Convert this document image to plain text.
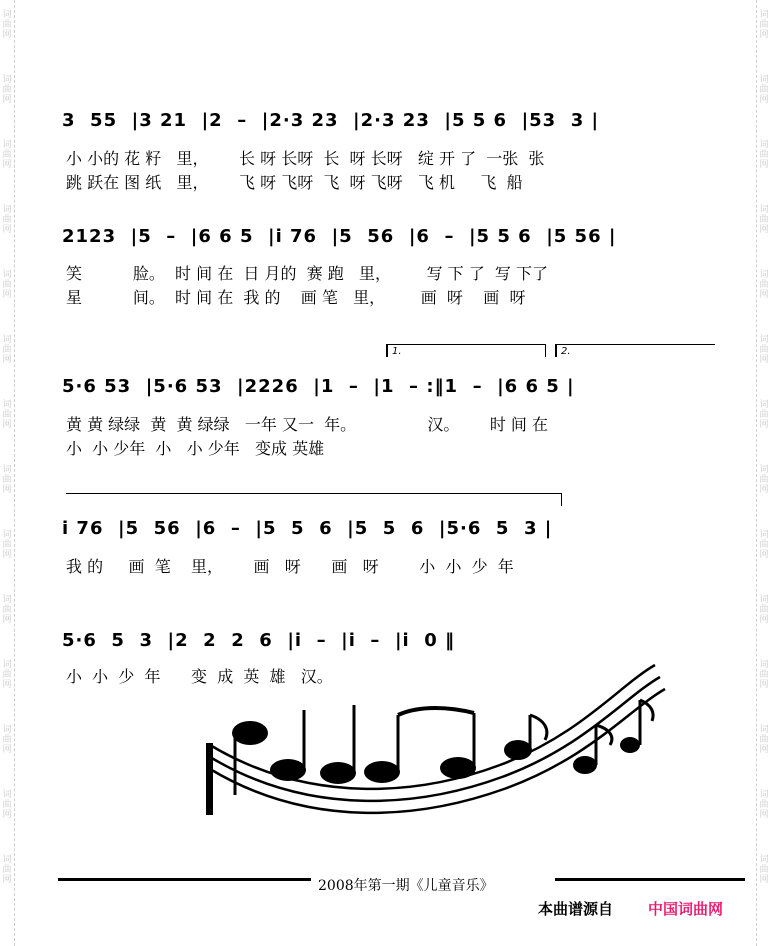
词曲网
词曲网
词曲网
词曲网
词曲网
词曲网
词曲网
词曲网
词曲网
词曲网
词曲网
词曲网
词曲网
词曲网
词曲网
词曲网
词曲网
词曲网
词曲网
词曲网
词曲网
词曲网
词曲网
词曲网
词曲网
词曲网
词曲网
词曲网
3  55  |3 21  |2  –  |2·3 23  |2·3 23  |5 5 6  |53  3 |
小 小的 花 籽   里，      长 呀 长呀  长  呀 长呀   绽 开 了  一张  张
跳 跃在 图 纸   里，      飞 呀 飞呀  飞  呀 飞呀   飞 机     飞  船
2123  |5  –  |6 6 5  |i 76  |5  56  |6  –  |5 5 6  |5 56 |
笑          脸。  时 间 在  日 月的  赛 跑   里，       写 下 了  写 下了
星          间。  时 间 在  我 的    画 笔   里，       画  呀    画  呀
1.	2.
5·6 53  |5·6 53  |2226  |1  –  |1  – :‖1  –  |6 6 5 |
黄 黄 绿绿  黄  黄 绿绿   一年 又一  年。              汉。      时 间 在
小  小 少年  小   小 少年   变成 英雄
i 76  |5  56  |6  –  |5  5  6  |5  5  6  |5·6  5  3 |
我 的     画  笔    里，      画   呀      画   呀        小  小  少  年
5·6  5  3  |2  2  2  6  |i  –  |i  –  |i  0 ‖
小  小  少  年      变  成  英  雄   汉。
2008年第一期《儿童音乐》
本曲谱源自 中国词曲网
